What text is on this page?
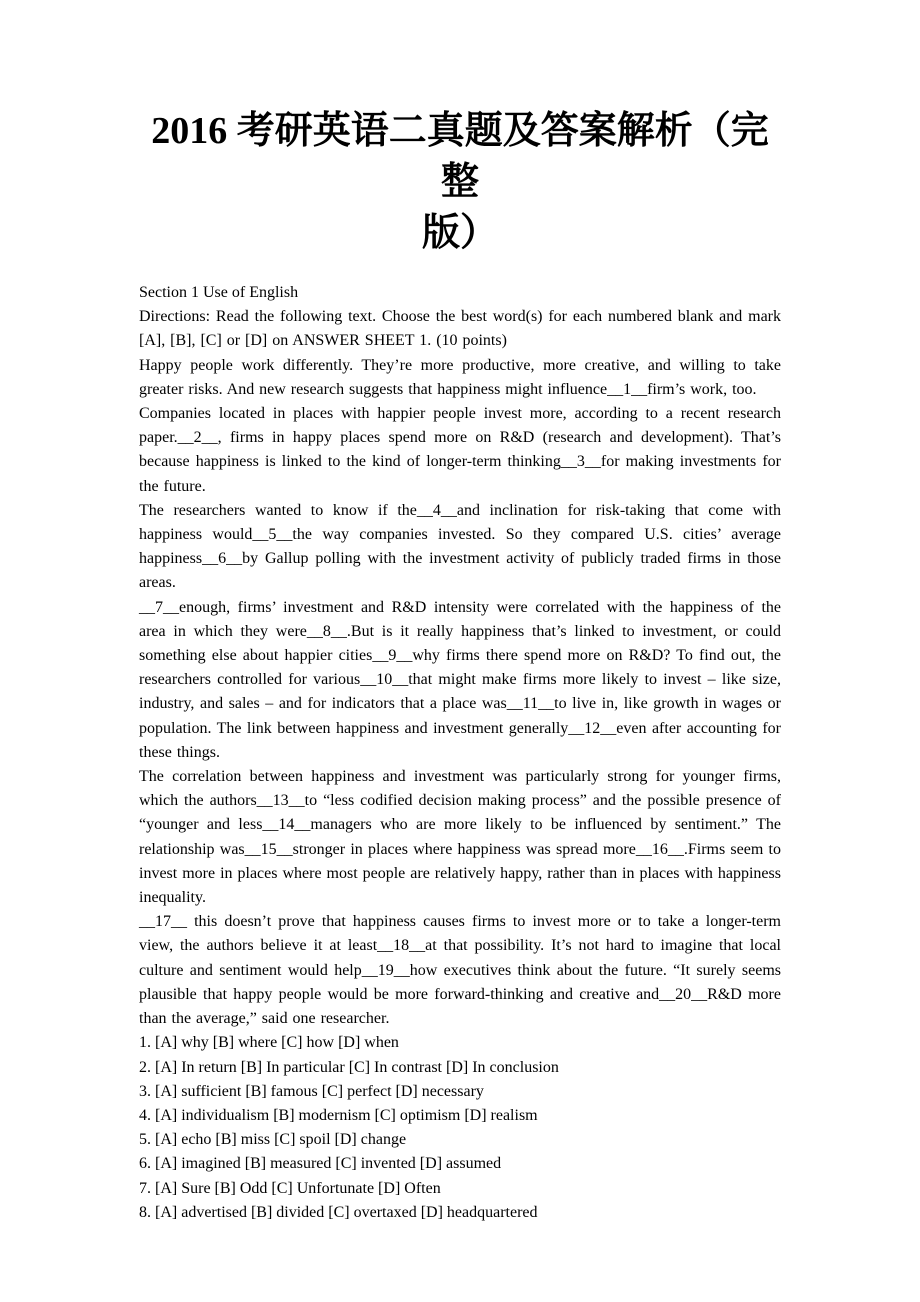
2016 考研英语二真题及答案解析（完整
版）

Section 1 Use of English

Directions: Read the following text. Choose the best word(s) for each numbered blank and mark [A], [B], [C] or [D] on ANSWER SHEET 1. (10 points)

Happy people work differently. They’re more productive, more creative, and willing to take greater risks. And new research suggests that happiness might influence__1__firm’s work, too.

Companies located in places with happier people invest more, according to a recent research paper.__2__, firms in happy places spend more on R&D (research and development). That’s because happiness is linked to the kind of longer-term thinking__3__for making investments for the future.

The researchers wanted to know if the__4__and inclination for risk-taking that come with happiness would__5__the way companies invested. So they compared U.S. cities’ average happiness__6__by Gallup polling with the investment activity of publicly traded firms in those areas.

__7__enough, firms’ investment and R&D intensity were correlated with the happiness of the area in which they were__8__.But is it really happiness that’s linked to investment, or could something else about happier cities__9__why firms there spend more on R&D? To find out, the researchers controlled for various__10__that might make firms more likely to invest – like size, industry, and sales – and for indicators that a place was__11__to live in, like growth in wages or population. The link between happiness and investment generally__12__even after accounting for these things.

The correlation between happiness and investment was particularly strong for younger firms, which the authors__13__to “less codified decision making process” and the possible presence of “younger and less__14__managers who are more likely to be influenced by sentiment.” The relationship was__15__stronger in places where happiness was spread more__16__.Firms seem to invest more in places where most people are relatively happy, rather than in places with happiness inequality.

__17__ this doesn’t prove that happiness causes firms to invest more or to take a longer-term view, the authors believe it at least__18__at that possibility. It’s not hard to imagine that local culture and sentiment would help__19__how executives think about the future. “It surely seems plausible that happy people would be more forward-thinking and creative and__20__R&D more than the average,” said one researcher.

1. [A] why [B] where [C] how [D] when

2. [A] In return [B] In particular [C] In contrast [D] In conclusion

3. [A] sufficient [B] famous [C] perfect [D] necessary

4. [A] individualism [B] modernism [C] optimism [D] realism

5. [A] echo [B] miss [C] spoil [D] change

6. [A] imagined [B] measured [C] invented [D] assumed

7. [A] Sure [B] Odd [C] Unfortunate [D] Often

8. [A] advertised [B] divided [C] overtaxed [D] headquartered
